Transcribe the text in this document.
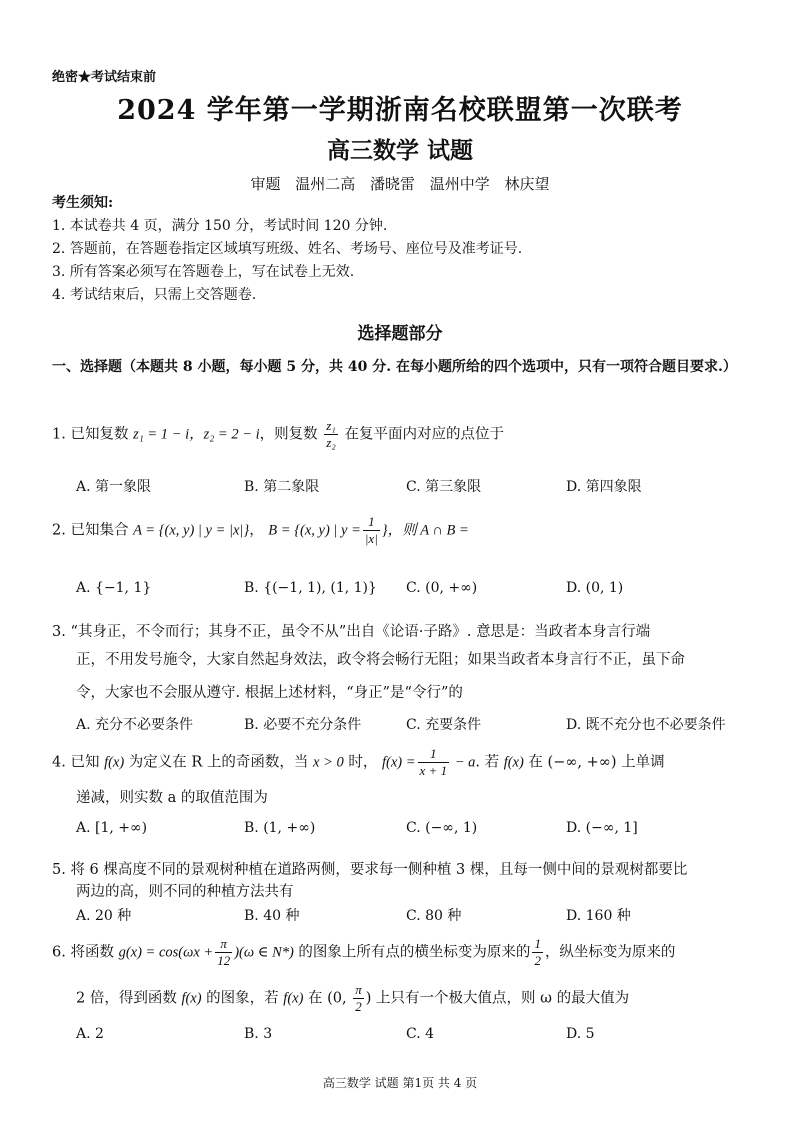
绝密★考试结束前
2024 学年第一学期浙南名校联盟第一次联考
高三数学 试题
审题 温州二高 潘晓雷 温州中学 林庆望
考生须知:
1. 本试卷共 4 页，满分 150 分，考试时间 120 分钟.
2. 答题前，在答题卷指定区域填写班级、姓名、考场号、座位号及准考证号.
3. 所有答案必须写在答题卷上，写在试卷上无效.
4. 考试结束后，只需上交答题卷.
选择题部分
一、选择题（本题共 8 小题，每小题 5 分，共 40 分. 在每小题所给的四个选项中，只有一项符合题目要求.）
1. 已知复数 z₁ = 1 − i，z₂ = 2 − i，则复数 $\frac{\text{z₁}}{\text{z₂}}$ 在复平面内对应的点位于
A. 第一象限	B. 第二象限	C. 第三象限	D. 第四象限
2. 已知集合 A = {(x, y) | y = |x|}， B = {(x, y) | $y = \frac{1}{|x|}$ }，则 A ∩ B =
A. {−1, 1}	B. {(−1, 1), (1, 1)} C. (0, +∞)	D. (0, 1)
3. “其身正，不令而行；其身不正，虽令不从”出自《论语·子路》. 意思是：当政者本身言行端
正，不用发号施令，大家自然起身效法，政令将会畅行无阻；如果当政者本身言行不正，虽下命
令，大家也不会服从遵守. 根据上述材料，“身正”是“令行”的
A. 充分不必要条件	B. 必要不充分条件	C. 充要条件	D. 既不充分也不必要条件
4. 已知 f(x) 为定义在 R 上的奇函数，当 x > 0 时， $f(x) = \frac{1}{x + 1} - a$. 若 f(x) 在 (−∞, +∞) 上单调
递减，则实数 a 的取值范围为
A. [1, +∞)	B. (1, +∞)	C. (−∞, 1)	D. (−∞, 1]
5. 将 6 棵高度不同的景观树种植在道路两侧，要求每一侧种植 3 棵，且每一侧中间的景观树都要比
两边的高，则不同的种植方法共有
A. 20 种	B. 40 种	C. 80 种	D. 160 种
6. 将函数 $g(x) = \cos(\omega x + \frac{\pi}{12} )(\omega$ ∈ N*) 的图象上所有点的横坐标变为原来的 $\frac{1}{2}$ ，纵坐标变为原来的
2 倍，得到函数 f(x) 的图象，若 f(x) 在 (0, $\frac{\pi}{2}$ ) 上只有一个极大值点，则 ω 的最大值为
A. 2	B. 3	C. 4	D. 5
高三数学 试题 第1页 共 4 页
